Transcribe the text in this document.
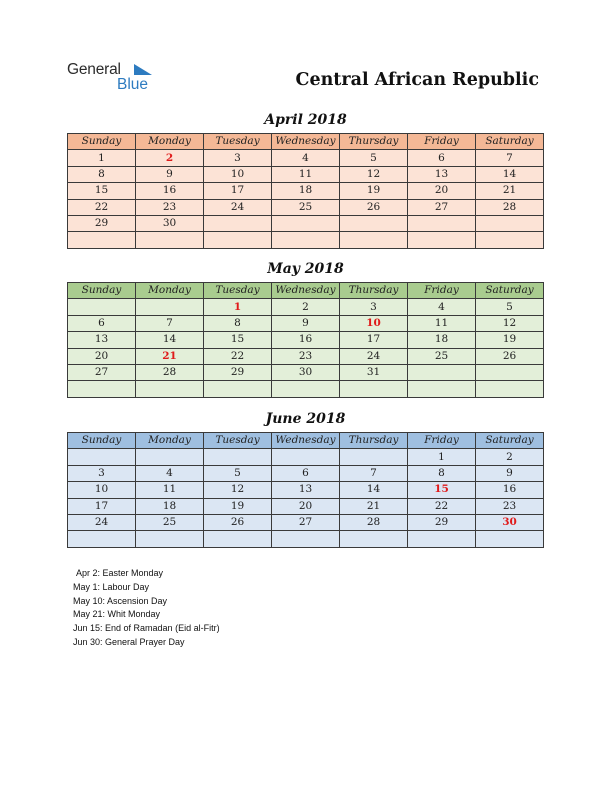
General
Blue	Central African Republic
April 2018
Sunday	Monday	Tuesday	Wednesday	Thursday	Friday	Saturday
1	2	3	4	5	6	7
8	9	10	11	12	13	14
15	16	17	18	19	20	21
22	23	24	25	26	27	28
29	30					

May 2018
Sunday	Monday	Tuesday	Wednesday	Thursday	Friday	Saturday
		1	2	3	4	5
6	7	8	9	10	11	12
13	14	15	16	17	18	19
20	21	22	23	24	25	26
27	28	29	30	31		

June 2018
Sunday	Monday	Tuesday	Wednesday	Thursday	Friday	Saturday
					1	2
3	4	5	6	7	8	9
10	11	12	13	14	15	16
17	18	19	20	21	22	23
24	25	26	27	28	29	30

Apr 2: Easter Monday
May 1: Labour Day
May 10: Ascension Day
May 21: Whit Monday
Jun 15: End of Ramadan (Eid al-Fitr)
Jun 30: General Prayer Day
